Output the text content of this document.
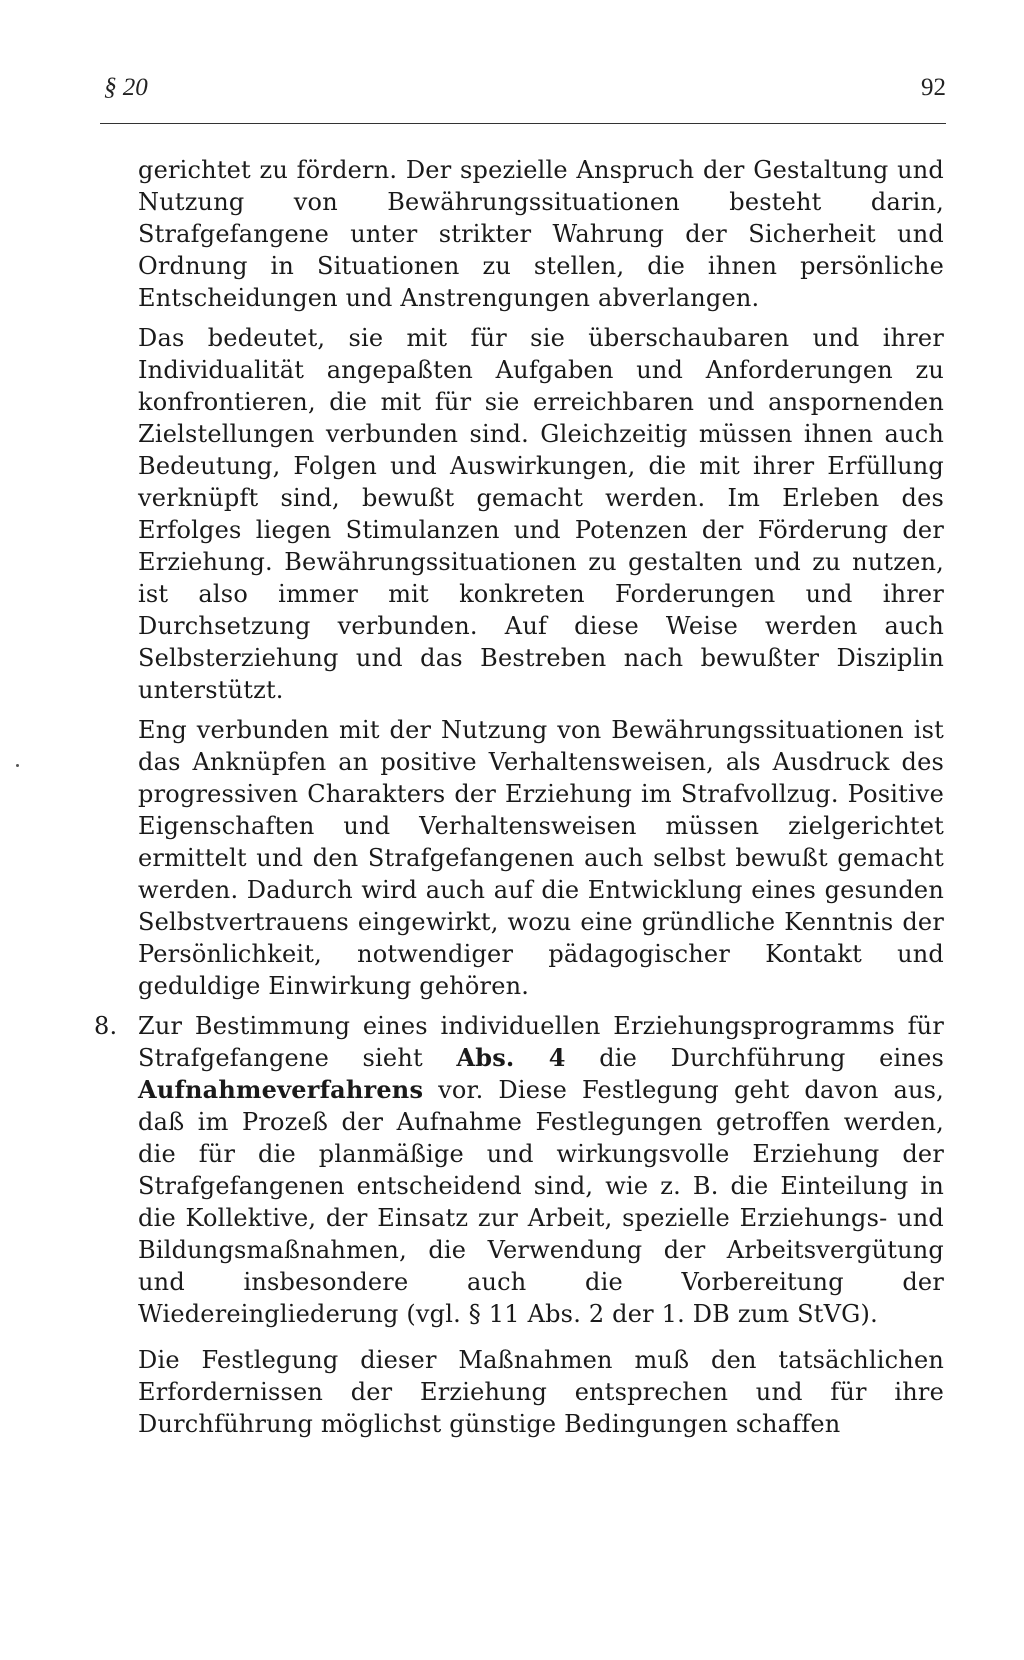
§ 20	92

gerichtet zu fördern. Der spezielle Anspruch der Gestaltung und Nutzung von Bewährungssituationen besteht darin, Strafgefangene unter strikter Wahrung der Sicherheit und Ordnung in Situationen zu stellen, die ihnen persönliche Entscheidungen und Anstrengungen abverlangen.

Das bedeutet, sie mit für sie überschaubaren und ihrer Individualität angepaßten Aufgaben und Anforderungen zu konfrontieren, die mit für sie erreichbaren und anspornenden Zielstellungen verbunden sind. Gleichzeitig müssen ihnen auch Bedeutung, Folgen und Auswirkungen, die mit ihrer Erfüllung verknüpft sind, bewußt gemacht werden. Im Erleben des Erfolges liegen Stimulanzen und Potenzen der Förderung der Erziehung. Bewährungssituationen zu gestalten und zu nutzen, ist also immer mit konkreten Forderungen und ihrer Durchsetzung verbunden. Auf diese Weise werden auch Selbsterziehung und das Bestreben nach bewußter Disziplin unterstützt.

Eng verbunden mit der Nutzung von Bewährungssituationen ist das Anknüpfen an positive Verhaltensweisen, als Ausdruck des progressiven Charakters der Erziehung im Strafvollzug. Positive Eigenschaften und Verhaltensweisen müssen zielgerichtet ermittelt und den Strafgefangenen auch selbst bewußt gemacht werden. Dadurch wird auch auf die Entwicklung eines gesunden Selbstvertrauens eingewirkt, wozu eine gründliche Kenntnis der Persönlichkeit, notwendiger pädagogischer Kontakt und geduldige Einwirkung gehören.

8. Zur Bestimmung eines individuellen Erziehungsprogramms für Strafgefangene sieht Abs. 4 die Durchführung eines Aufnahmeverfahrens vor. Diese Festlegung geht davon aus, daß im Prozeß der Aufnahme Festlegungen getroffen werden, die für die planmäßige und wirkungsvolle Erziehung der Strafgefangenen entscheidend sind, wie z. B. die Einteilung in die Kollektive, der Einsatz zur Arbeit, spezielle Erziehungs- und Bildungsmaßnahmen, die Verwendung der Arbeitsvergütung und insbesondere auch die Vorbereitung der Wiedereingliederung (vgl. § 11 Abs. 2 der 1. DB zum StVG).

Die Festlegung dieser Maßnahmen muß den tatsächlichen Erfordernissen der Erziehung entsprechen und für ihre Durchführung möglichst günstige Bedingungen schaffen
